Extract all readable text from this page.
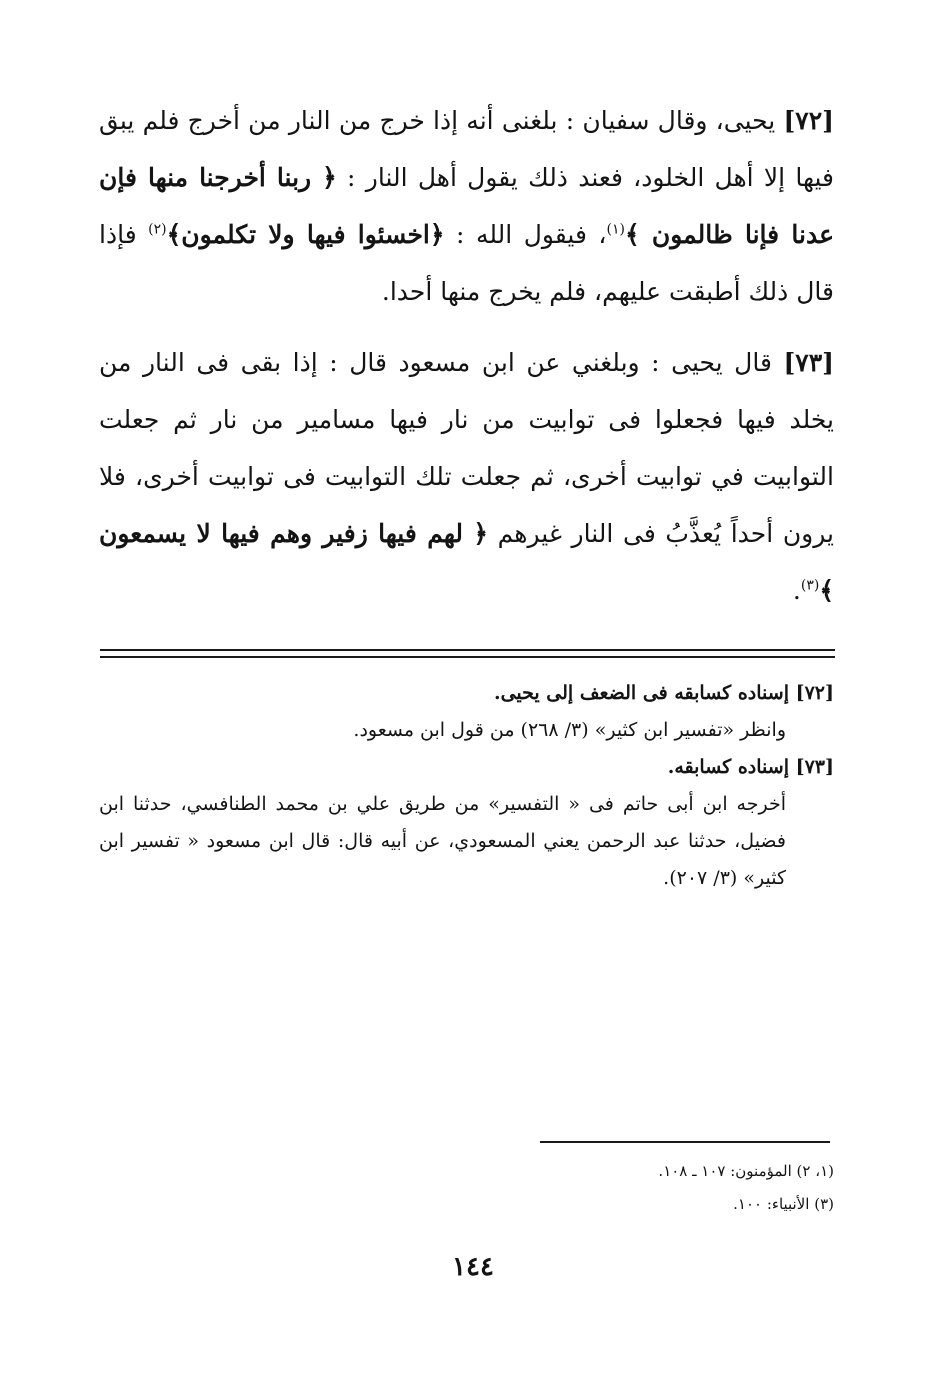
[٧٢] يحيى، وقال سفيان : بلغنى أنه إذا خرج من النار من أخرج فلم يبق فيها إلا أهل الخلود، فعند ذلك يقول أهل النار : ﴿ ربنا أخرجنا منها فإن عدنا فإنا ظالمون ﴾$^{(١)}$، فيقول الله : ﴿اخسئوا فيها ولا تكلمون﴾$^{(٢)}$ فإذا قال ذلك أطبقت عليهم، فلم يخرج منها أحدا.

[٧٣] قال يحيى : وبلغني عن ابن مسعود قال : إذا بقى فى النار من يخلد فيها فجعلوا فى توابيت من نار فيها مسامير من نار ثم جعلت التوابيت في توابيت أخرى، ثم جعلت تلك التوابيت فى توابيت أخرى، فلا يرون أحداً يُعذَّبُ فى النار غيرهم ﴿ لهم فيها زفير وهم فيها لا يسمعون ﴾$^{(٣)}$.

[٧٢] إسناده كسابقه فى الضعف إلى يحيى.

وانظر «تفسير ابن كثير» (٣/ ٢٦٨) من قول ابن مسعود.

[٧٣] إسناده كسابقه.

أخرجه ابن أبى حاتم فى « التفسير» من طريق علي بن محمد الطنافسي، حدثنا ابن فضيل، حدثنا عبد الرحمن يعني المسعودي، عن أبيه قال: قال ابن مسعود « تفسير ابن كثير» (٣/ ٢٠٧).

(١، ٢) المؤمنون: ١٠٧ ـ ١٠٨.

(٣) الأنبياء: ١٠٠.

١٤٤
